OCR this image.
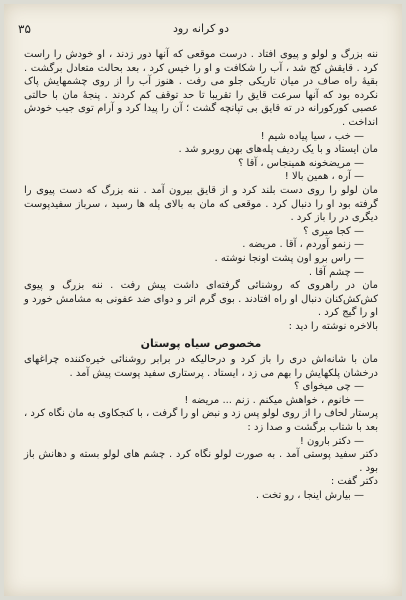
۳۵	دو کرانه رود

ننه بزرگ و لولو و پیوی افتاد . درست موقعی که آنها دور زدند ، او خودش را راست کرد . قایقش کج شد ، آب را شکافت و او را خیس کرد ، بعد بحالت متعادل برگشت . بقیهٔ راه صاف در میان تاریکی جلو می رفت . هنوز آب را از روی چشمهایش پاک نکرده بود که آنها سرعت قایق را تقریبا تا حد توقف کم کردند . پنجهٔ مان با حالتی عصبی کورکورانه در ته قایق بی تپانچه گشت ؛ آن را پیدا کرد و آرام توی جیب خودش انداخت .

— خب ، سیا پیاده شیم !

مان ایستاد و با یک ردیف پله‌های بهن روبرو شد .

— مریضخونه همینجاس ، آقا ؟

— آره ، همین بالا !

مان لولو را روی دست بلند کرد و از قایق بیرون آمد . ننه بزرگ که دست پیوی را گرفته بود او را دنبال کرد . موقعی که مان به بالای پله ها رسید ، سرباز سفیدپوست دیگری در را باز کرد .

— کجا میری ؟

— زنمو آوردم ، آقا . مریضه .

— راس برو اون پشت اونجا نوشته .

— چشم آقا .

مان در راهروی که روشنائی گرفته‌ای داشت پیش رفت . ننه بزرگ و پیوی کش‌کش‌کنان دنبال او راه افتادند . بوی گرم اتر و دوای ضد عفونی به مشامش خورد و او را گیج کرد .

بالاخره نوشته را دید :

مخصوص سیاه پوستان

مان با شانه‌اش دری را باز کرد و درحالیکه در برابر روشنائی خیره‌کننده چراغهای درخشان پلکهایش را بهم می زد ، ایستاد . پرستاری سفید پوست پیش آمد .

— چی میخوای ؟

— خانوم ، خواهش میکنم . زنم ... مریضه !

پرستار لحاف را از روی لولو پس زد و نبض او را گرفت ، با کنجکاوی به مان نگاه کرد ، بعد با شتاب برگشت و صدا زد :

— دکتر بارون !

دکتر سفید پوستی آمد . به صورت لولو نگاه کرد . چشم های لولو بسته و دهانش باز بود .

دکتر گفت :

— بیارش اینجا ، رو تخت .
